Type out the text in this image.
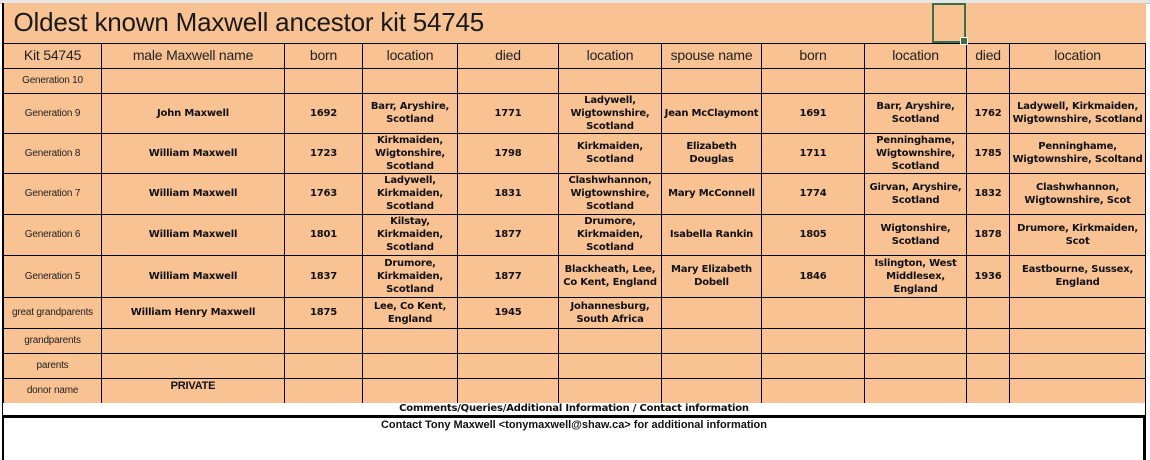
Oldest known Maxwell ancestor kit 54745										
Kit 54745	male Maxwell name	born	location	died	location	spouse name	born	location	died	location
Generation 10										
Generation 9	John Maxwell	1692	Barr, Aryshire, Scotland	1771	Ladywell, Wigtownshire, Scotland	Jean McClaymont	1691	Barr, Aryshire, Scotland	1762	Ladywell, Kirkmaiden, Wigtownshire, Scotland
Generation 8	William Maxwell	1723	Kirkmaiden, Wigtonshire, Scotland	1798	Kirkmaiden, Scotland	Elizabeth Douglas	1711	Penninghame, Wigtownshire, Scotland	1785	Penninghame, Wigtownshire, Scoltand
Generation 7	William Maxwell	1763	Ladywell, Kirkmaiden, Scotland	1831	Clashwhannon, Wigtownshire, Scotland	Mary McConnell	1774	Girvan, Aryshire, Scotland	1832	Clashwhannon, Wigtownshire, Scot
Generation 6	William Maxwell	1801	Kilstay, Kirkmaiden, Scotland	1877	Drumore, Kirkmaiden, Scotland	Isabella Rankin	1805	Wigtonshire, Scotland	1878	Drumore, Kirkmaiden, Scot
Generation 5	William Maxwell	1837	Drumore, Kirkmaiden, Scotland	1877	Blackheath, Lee, Co Kent, England	Mary Elizabeth Dobell	1846	Islington, West Middlesex, England	1936	Eastbourne, Sussex, England
great grandparents	William Henry Maxwell	1875	Lee, Co Kent, England	1945	Johannesburg, South Africa					
grandparents										
parents										
donor name	PRIVATE									
Comments/Queries/Additional Information / Contact information
Contact Tony Maxwell <tonymaxwell@shaw.ca> for additional information
